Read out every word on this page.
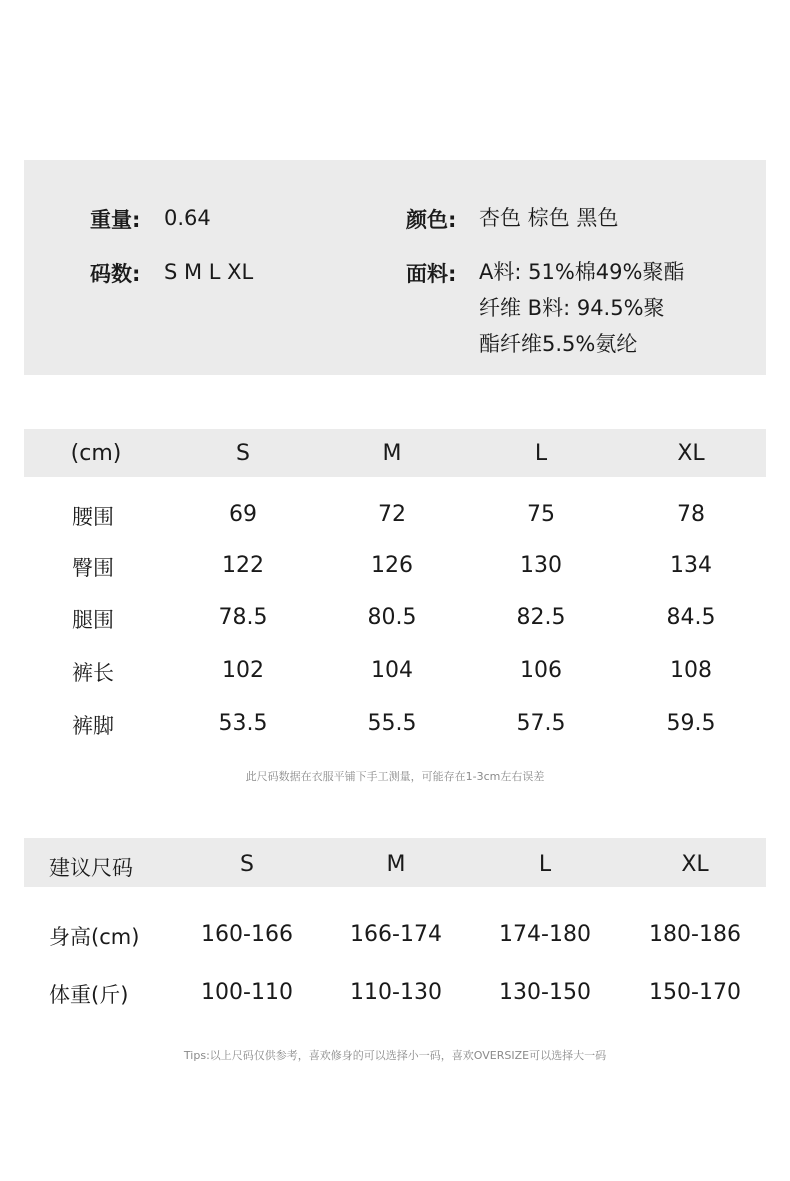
重量: 0.64
码数: S M L XL
颜色: 杏色 棕色 黑色
面料: A料: 51%棉49%聚酯
纤维 B料: 94.5%聚
酯纤维5.5%氨纶
(cm)	S	M	L	XL
腰围	69	72	75	78
臀围	122	126	130	134
腿围	78.5	80.5	82.5	84.5
裤长	102	104	106	108
裤脚	53.5	55.5	57.5	59.5
此尺码数据在衣服平铺下手工测量，可能存在1-3cm左右误差
建议尺码	S	M	L	XL
身高(cm)	160-166	166-174	174-180	180-186
体重(斤)	100-110	110-130	130-150	150-170
Tips:以上尺码仅供参考，喜欢修身的可以选择小一码，喜欢OVERSIZE可以选择大一码
